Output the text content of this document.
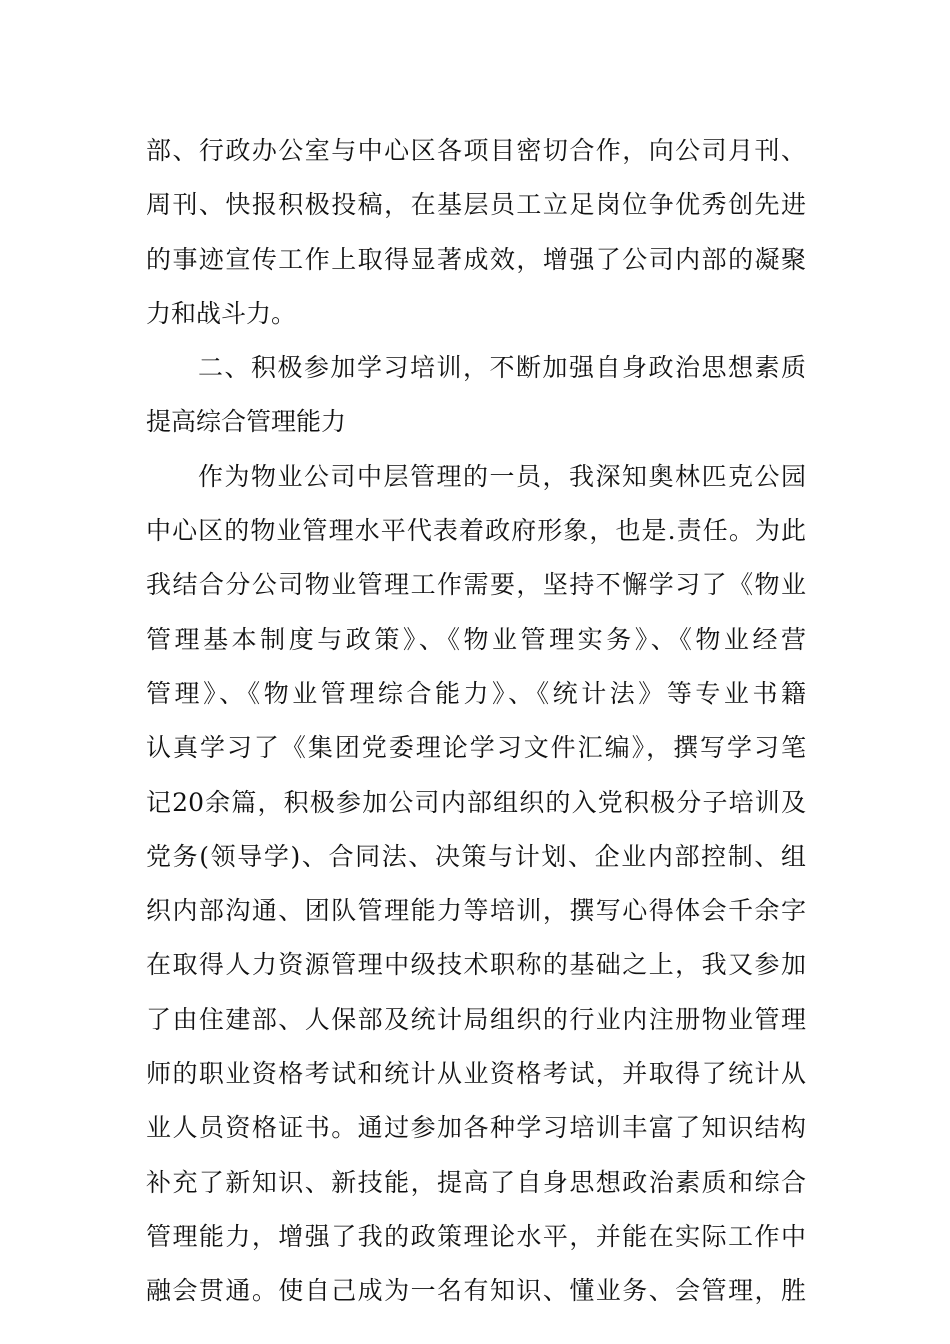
部、行政办公室与中心区各项目密切合作，向公司月刊、
周刊、快报积极投稿，在基层员工立足岗位争优秀创先进
的事迹宣传工作上取得显著成效，增强了公司内部的凝聚
力和战斗力。
二、积极参加学习培训，不断加强自身政治思想素质
提高综合管理能力
作为物业公司中层管理的一员，我深知奥林匹克公园
中心区的物业管理水平代表着政府形象，也是.责任。为此
我结合分公司物业管理工作需要，坚持不懈学习了《物业
管理基本制度与政策》、《物业管理实务》、《物业经营
管理》、《物业管理综合能力》、《统计法》等专业书籍
认真学习了《集团党委理论学习文件汇编》，撰写学习笔
记20余篇，积极参加公司内部组织的入党积极分子培训及
党务(领导学)、合同法、决策与计划、企业内部控制、组
织内部沟通、团队管理能力等培训，撰写心得体会千余字
在取得人力资源管理中级技术职称的基础之上，我又参加
了由住建部、人保部及统计局组织的行业内注册物业管理
师的职业资格考试和统计从业资格考试，并取得了统计从
业人员资格证书。通过参加各种学习培训丰富了知识结构
补充了新知识、新技能，提高了自身思想政治素质和综合
管理能力，增强了我的政策理论水平，并能在实际工作中
融会贯通。使自己成为一名有知识、懂业务、会管理，胜
